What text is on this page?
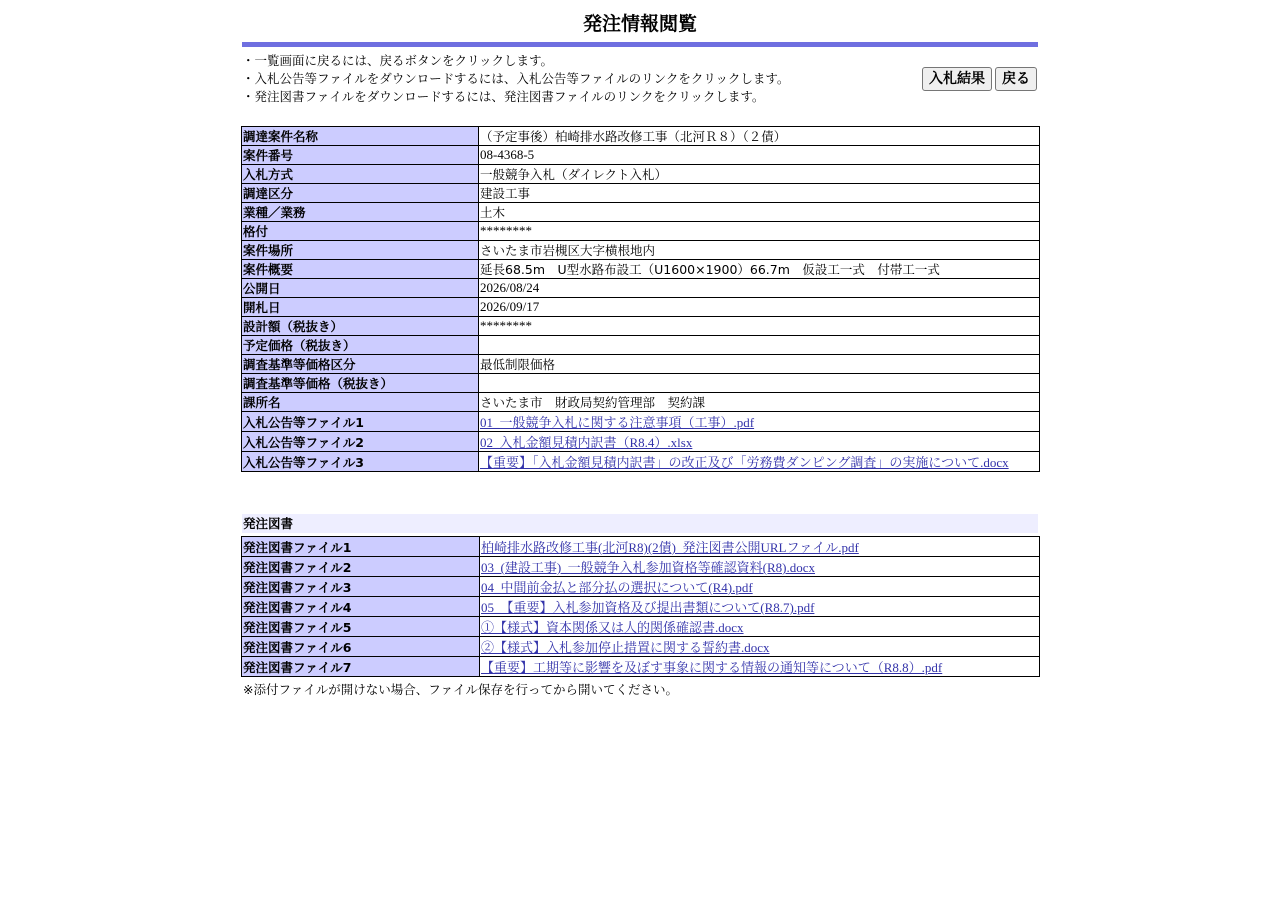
発注情報閲覧
・一覧画面に戻るには、戻るボタンをクリックします。
・入札公告等ファイルをダウンロードするには、入札公告等ファイルのリンクをクリックします。
・発注図書ファイルをダウンロードするには、発注図書ファイルのリンクをクリックします。
入札結果	戻る
調達案件名称	（予定事後）柏崎排水路改修工事（北河Ｒ８）（２債）
案件番号	08-4368-5
入札方式	一般競争入札（ダイレクト入札）
調達区分	建設工事
業種／業務	土木
格付	********
案件場所	さいたま市岩槻区大字横根地内
案件概要	延長68.5m　U型水路布設工（U1600×1900）66.7m　仮設工一式　付帯工一式
公開日	2026/08/24
開札日	2026/09/17
設計額（税抜き）	********
予定価格（税抜き）	
調査基準等価格区分	最低制限価格
調査基準等価格（税抜き）	
課所名	さいたま市　財政局契約管理部　契約課
入札公告等ファイル1	01_一般競争入札に関する注意事項（工事）.pdf
入札公告等ファイル2	02_入札金額見積内訳書（R8.4）.xlsx
入札公告等ファイル3	【重要】「入札金額見積内訳書」の改正及び「労務費ダンピング調査」の実施について.docx
発注図書
発注図書ファイル1	柏崎排水路改修工事(北河R8)(2債)_発注図書公開URLファイル.pdf
発注図書ファイル2	03_(建設工事)_一般競争入札参加資格等確認資料(R8).docx
発注図書ファイル3	04_中間前金払と部分払の選択について(R4).pdf
発注図書ファイル4	05_【重要】入札参加資格及び提出書類について(R8.7).pdf
発注図書ファイル5	①【様式】資本関係又は人的関係確認書.docx
発注図書ファイル6	②【様式】入札参加停止措置に関する誓約書.docx
発注図書ファイル7	【重要】工期等に影響を及ぼす事象に関する情報の通知等について（R8.8）.pdf
※添付ファイルが開けない場合、ファイル保存を行ってから開いてください。
